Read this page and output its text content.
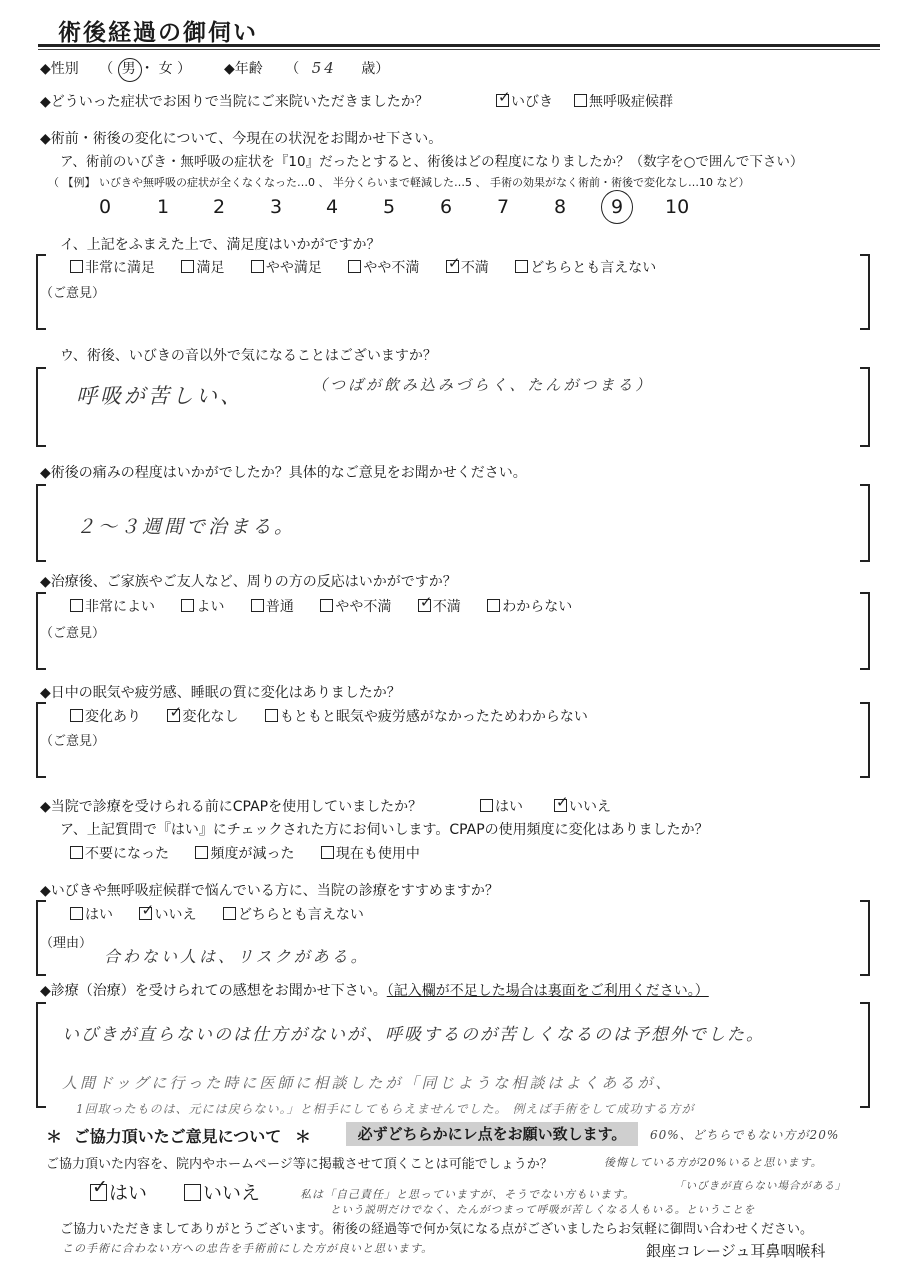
術後経過の御伺い
◆性別 （ 男 ・ 女 ） ◆年齢 （ 54 歳）
◆どういった症状でお困りで当院にご来院いただきましたか？	✓ いびき	無呼吸症候群
◆術前・術後の変化について、今現在の状況をお聞かせ下さい。
ア、術前のいびき・無呼吸の症状を『10』だったとすると、術後はどの程度になりましたか？（数字を○で囲んで下さい）
（ 【例】 いびきや無呼吸の症状が全くなくなった…0 、 半分くらいまで軽減した…5 、 手術の効果がなく術前・術後で変化なし…10 など）
0 1 2 3 4 5 6 7 8 9 10
イ、上記をふまえた上で、満足度はいかがですか？
非常に満足	満足	やや満足	やや不満 ✓ 不満	どちらとも言えない
（ご意見）
ウ、術後、いびきの音以外で気になることはございますか？
呼吸が苦しい、	（つばが飲み込みづらく、たんがつまる）
◆術後の痛みの程度はいかがでしたか？具体的なご意見をお聞かせください。
２～３週間で治まる。
◆治療後、ご家族やご友人など、周りの方の反応はいかがですか？
非常によい	よい	普通	やや不満 ✓ 不満	わからない
（ご意見）
◆日中の眠気や疲労感、睡眠の質に変化はありましたか？
変化あり ✓ 変化なし	もともと眠気や疲労感がなかったためわからない
（ご意見）
◆当院で診療を受けられる前にCPAPを使用していましたか？	はい ✓ いいえ
ア、上記質問で『はい』にチェックされた方にお伺いします。CPAPの使用頻度に変化はありましたか？
不要になった	頻度が減った	現在も使用中
◆いびきや無呼吸症候群で悩んでいる方に、当院の診療をすすめますか？
はい ✓ いいえ	どちらとも言えない
（理由）
合わない人は、リスクがある。
◆診療（治療）を受けられての感想をお聞かせ下さい。（記入欄が不足した場合は裏面をご利用ください。）
いびきが直らないのは仕方がないが、呼吸するのが苦しくなるのは予想外でした。
人間ドッグに行った時に医師に相談したが「同じような相談はよくあるが、
1回取ったものは、元には戻らない。」と相手にしてもらえませんでした。 例えば手術をして成功する方が
＊ ご協力頂いたご意見について ＊	必ずどちらかにレ点をお願い致します。	60%、どちらでもない方が20%
ご協力頂いた内容を、院内やホームページ等に掲載させて頂くことは可能でしょうか？	後悔している方が20%いると思います。
✓ はい	いいえ	「いびきが直らない場合がある」
私は「自己責任」と思っていますが、そうでない方もいます。
という説明だけでなく、たんがつまって呼吸が苦しくなる人もいる。ということを
ご協力いただきましてありがとうございます。術後の経過等で何か気になる点がございましたらお気軽に御問い合わせください。
この手術に合わない方への忠告を手術前にした方が良いと思います。	銀座コレージュ耳鼻咽喉科
